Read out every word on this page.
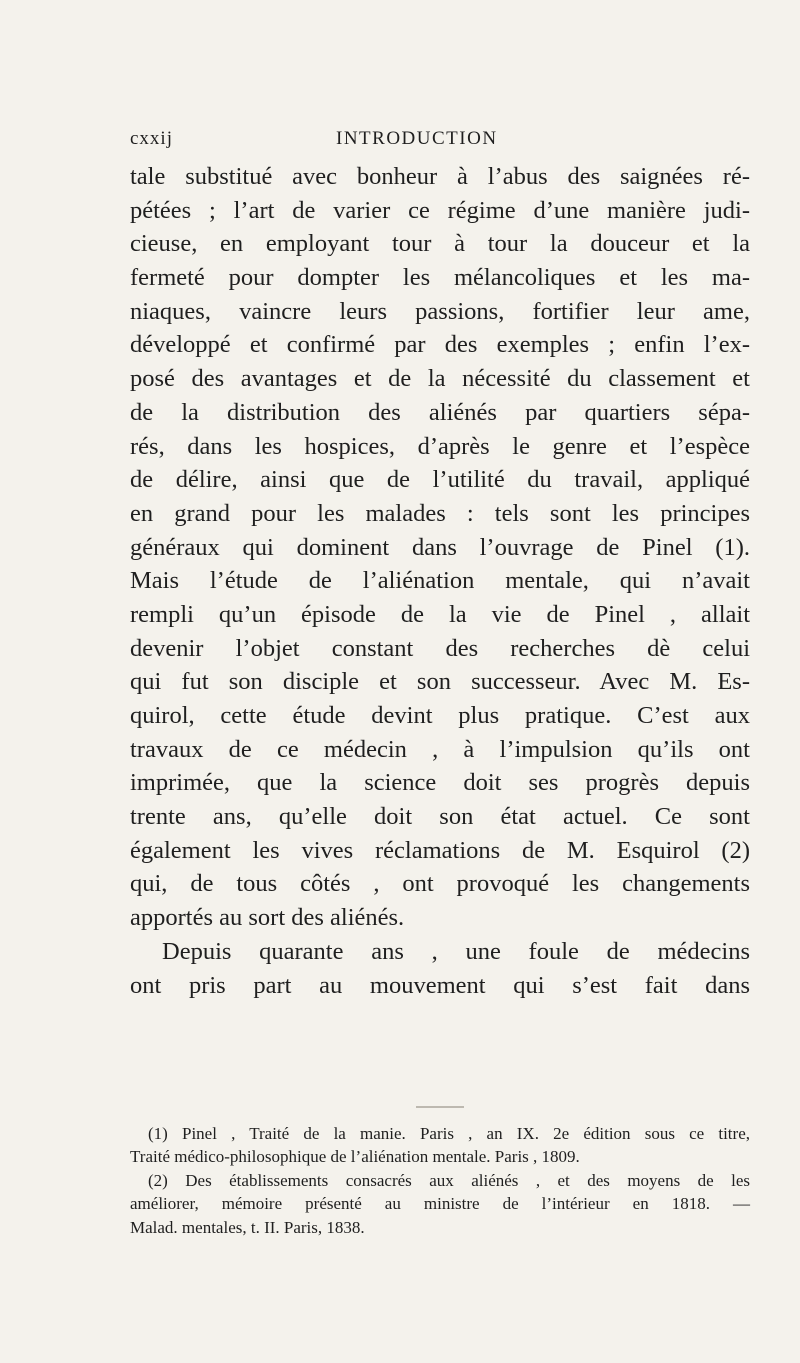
cxxij	INTRODUCTION
tale substitué avec bonheur à l’abus des saignées ré-
pétées ; l’art de varier ce régime d’une manière judi-
cieuse, en employant tour à tour la douceur et la
fermeté pour dompter les mélancoliques et les ma-
niaques, vaincre leurs passions, fortifier leur ame,
développé et confirmé par des exemples ; enfin l’ex-
posé des avantages et de la nécessité du classement et
de la distribution des aliénés par quartiers sépa-
rés, dans les hospices, d’après le genre et l’espèce
de délire, ainsi que de l’utilité du travail, appliqué
en grand pour les malades : tels sont les principes
généraux qui dominent dans l’ouvrage de Pinel (1).
Mais l’étude de l’aliénation mentale, qui n’avait
rempli qu’un épisode de la vie de Pinel , allait
devenir l’objet constant des recherches dè celui
qui fut son disciple et son successeur. Avec M. Es-
quirol, cette étude devint plus pratique. C’est aux
travaux de ce médecin , à l’impulsion qu’ils ont
imprimée, que la science doit ses progrès depuis
trente ans, qu’elle doit son état actuel. Ce sont
également les vives réclamations de M. Esquirol (2)
qui, de tous côtés , ont provoqué les changements
apportés au sort des aliénés.
Depuis quarante ans , une foule de médecins
ont pris part au mouvement qui s’est fait dans
(1) Pinel , Traité de la manie. Paris , an IX. 2e édition sous ce titre,
Traité médico-philosophique de l’aliénation mentale. Paris , 1809.
(2) Des établissements consacrés aux aliénés , et des moyens de les
améliorer, mémoire présenté au ministre de l’intérieur en 1818. —
Malad. mentales, t. II. Paris, 1838.
